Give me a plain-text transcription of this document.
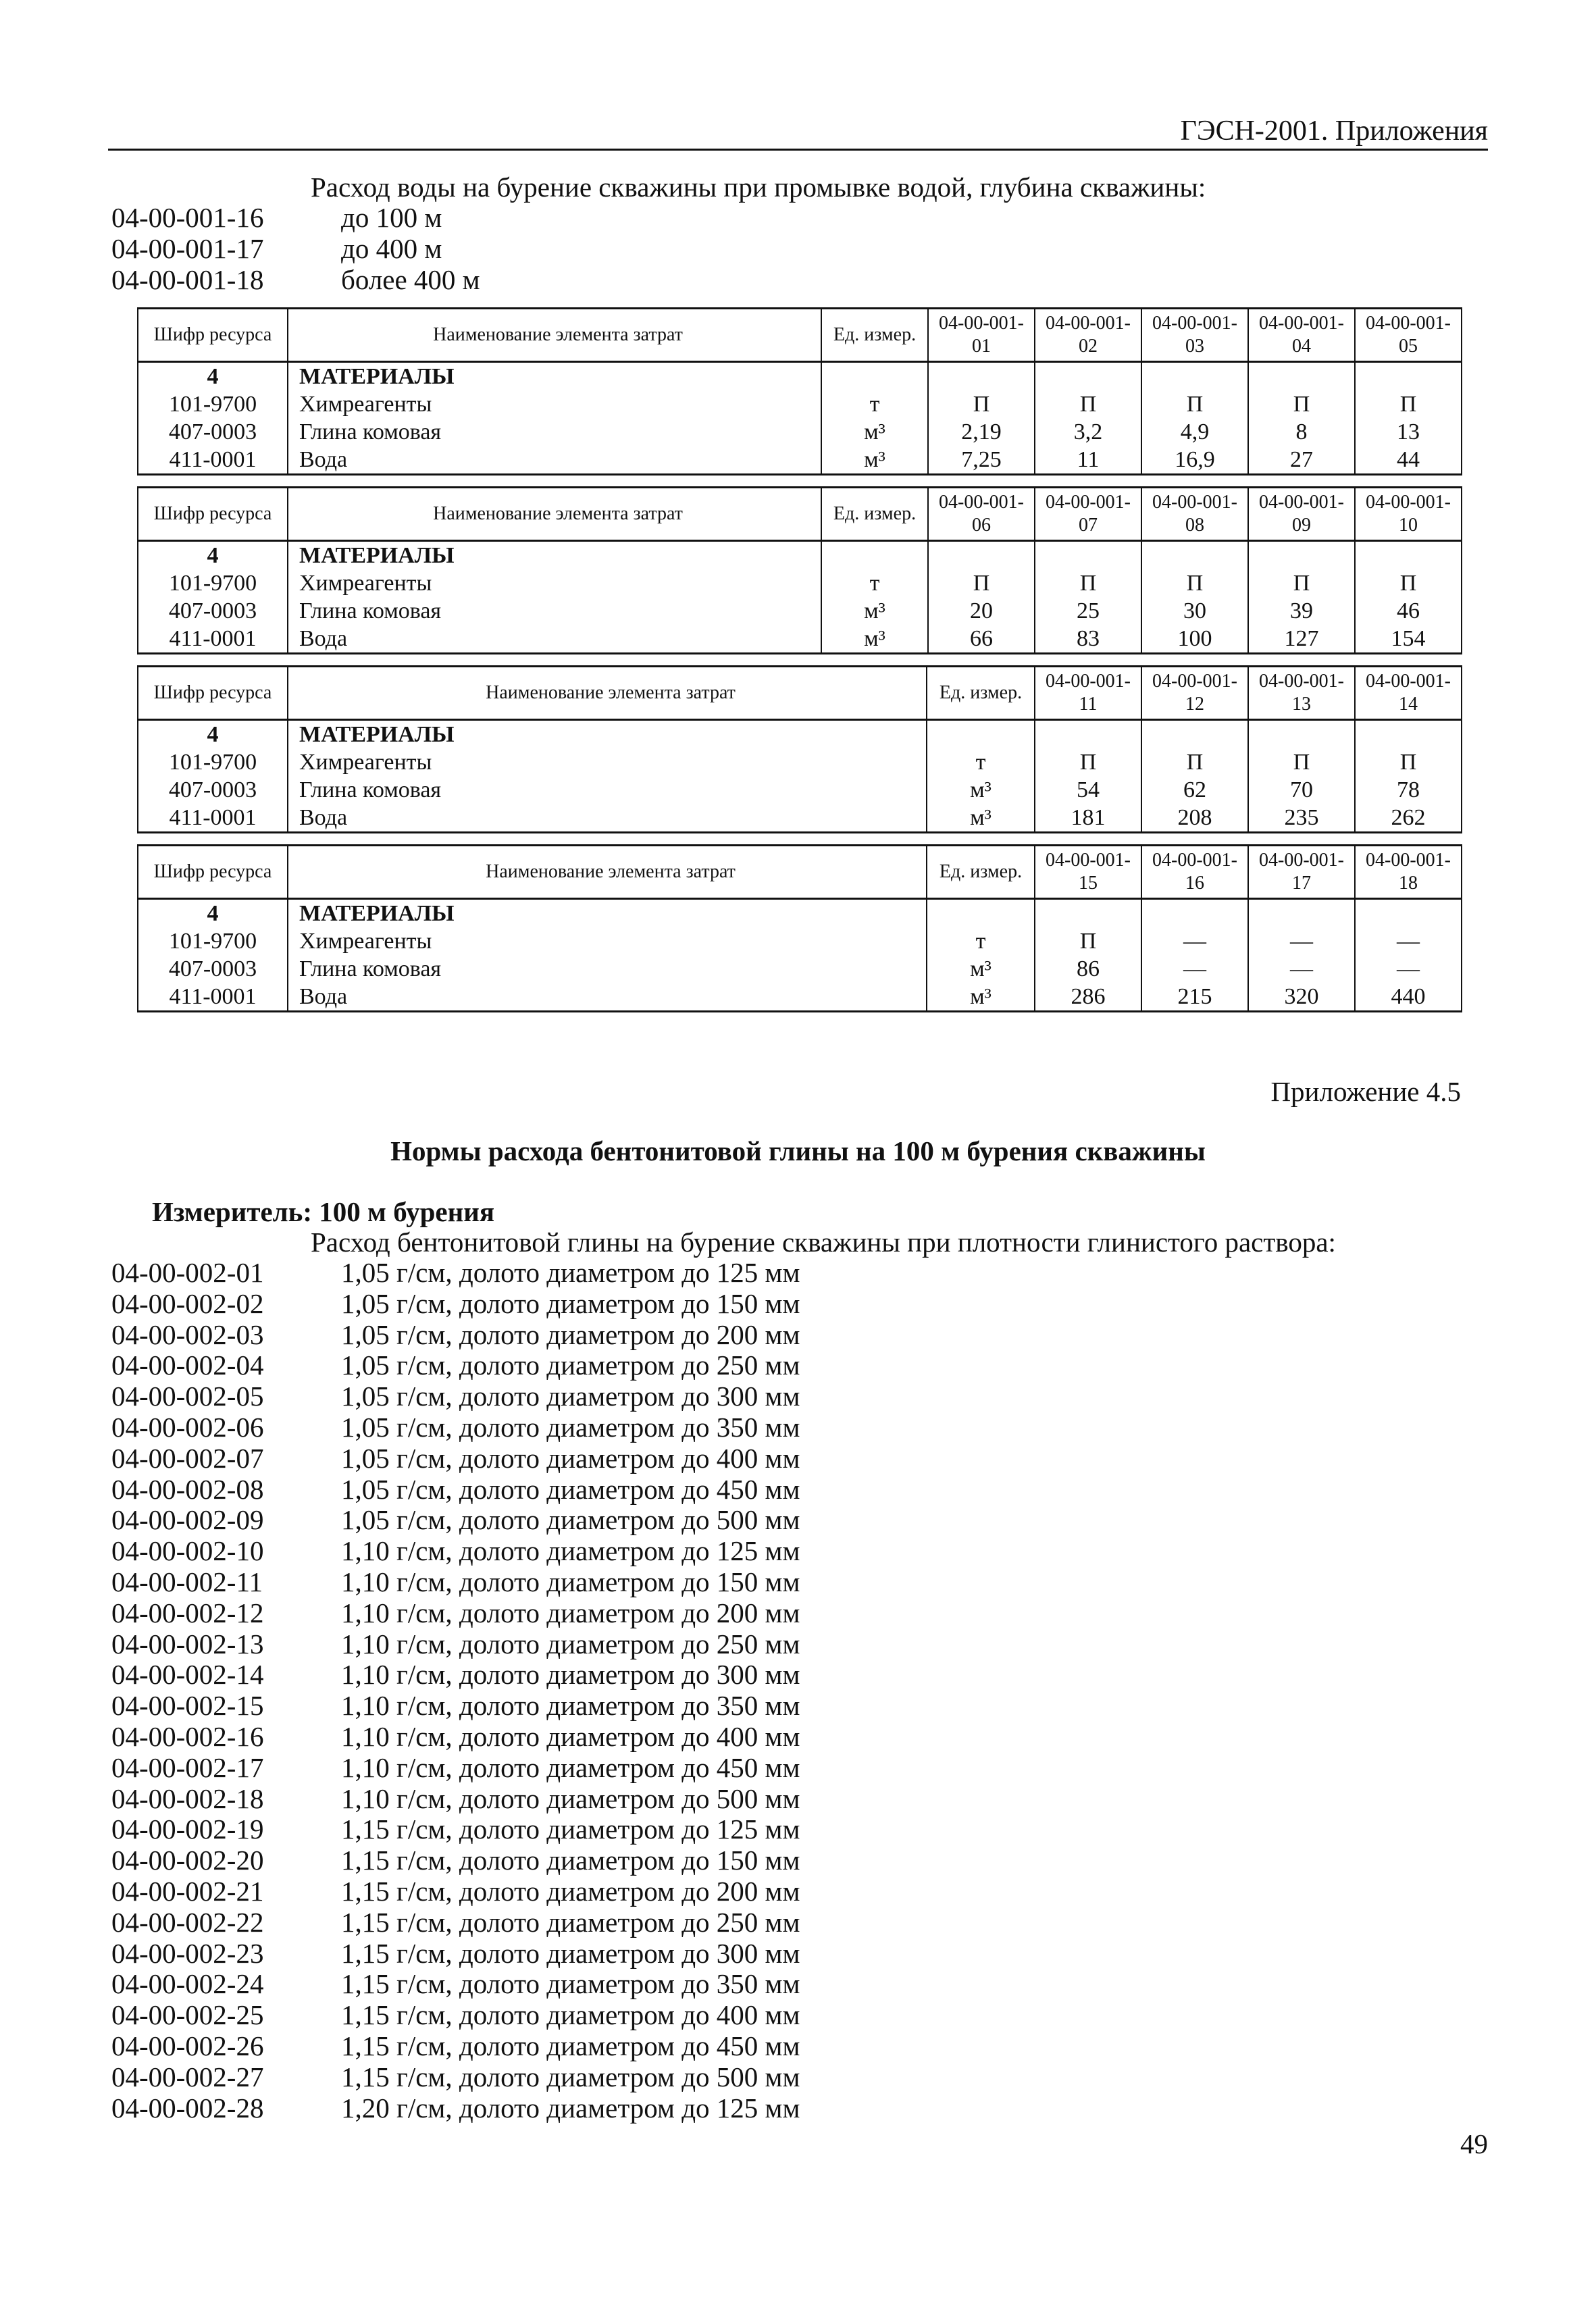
ГЭСН-2001. Приложения
Расход воды на бурение скважины при промывке водой, глубина скважины:
04-00-001-16	до 100 м
04-00-001-17	до 400 м
04-00-001-18	более 400 м
Шифр ресурса	Наименование элемента затрат	Ед. измер.	04-00-001-01	04-00-001-02	04-00-001-03	04-00-001-04	04-00-001-05
4	МАТЕРИАЛЫ						
101-9700	Химреагенты	т	П	П	П	П	П
407-0003	Глина комовая	м³	2,19	3,2	4,9	8	13
411-0001	Вода	м³	7,25	11	16,9	27	44
Шифр ресурса	Наименование элемента затрат	Ед. измер.	04-00-001-06	04-00-001-07	04-00-001-08	04-00-001-09	04-00-001-10
4	МАТЕРИАЛЫ						
101-9700	Химреагенты	т	П	П	П	П	П
407-0003	Глина комовая	м³	20	25	30	39	46
411-0001	Вода	м³	66	83	100	127	154
Шифр ресурса	Наименование элемента затрат	Ед. измер.	04-00-001-11	04-00-001-12	04-00-001-13	04-00-001-14
4	МАТЕРИАЛЫ					
101-9700	Химреагенты	т	П	П	П	П
407-0003	Глина комовая	м³	54	62	70	78
411-0001	Вода	м³	181	208	235	262
Шифр ресурса	Наименование элемента затрат	Ед. измер.	04-00-001-15	04-00-001-16	04-00-001-17	04-00-001-18
4	МАТЕРИАЛЫ					
101-9700	Химреагенты	т	П	—	—	—
407-0003	Глина комовая	м³	86	—	—	—
411-0001	Вода	м³	286	215	320	440
Приложение 4.5
Нормы расхода бентонитовой глины на 100 м бурения скважины
Измеритель: 100 м бурения
Расход бентонитовой глины на бурение скважины при плотности глинистого раствора:
04-00-002-01	1,05 г/см, долото диаметром до 125 мм
04-00-002-02	1,05 г/см, долото диаметром до 150 мм
04-00-002-03	1,05 г/см, долото диаметром до 200 мм
04-00-002-04	1,05 г/см, долото диаметром до 250 мм
04-00-002-05	1,05 г/см, долото диаметром до 300 мм
04-00-002-06	1,05 г/см, долото диаметром до 350 мм
04-00-002-07	1,05 г/см, долото диаметром до 400 мм
04-00-002-08	1,05 г/см, долото диаметром до 450 мм
04-00-002-09	1,05 г/см, долото диаметром до 500 мм
04-00-002-10	1,10 г/см, долото диаметром до 125 мм
04-00-002-11	1,10 г/см, долото диаметром до 150 мм
04-00-002-12	1,10 г/см, долото диаметром до 200 мм
04-00-002-13	1,10 г/см, долото диаметром до 250 мм
04-00-002-14	1,10 г/см, долото диаметром до 300 мм
04-00-002-15	1,10 г/см, долото диаметром до 350 мм
04-00-002-16	1,10 г/см, долото диаметром до 400 мм
04-00-002-17	1,10 г/см, долото диаметром до 450 мм
04-00-002-18	1,10 г/см, долото диаметром до 500 мм
04-00-002-19	1,15 г/см, долото диаметром до 125 мм
04-00-002-20	1,15 г/см, долото диаметром до 150 мм
04-00-002-21	1,15 г/см, долото диаметром до 200 мм
04-00-002-22	1,15 г/см, долото диаметром до 250 мм
04-00-002-23	1,15 г/см, долото диаметром до 300 мм
04-00-002-24	1,15 г/см, долото диаметром до 350 мм
04-00-002-25	1,15 г/см, долото диаметром до 400 мм
04-00-002-26	1,15 г/см, долото диаметром до 450 мм
04-00-002-27	1,15 г/см, долото диаметром до 500 мм
04-00-002-28	1,20 г/см, долото диаметром до 125 мм
49
